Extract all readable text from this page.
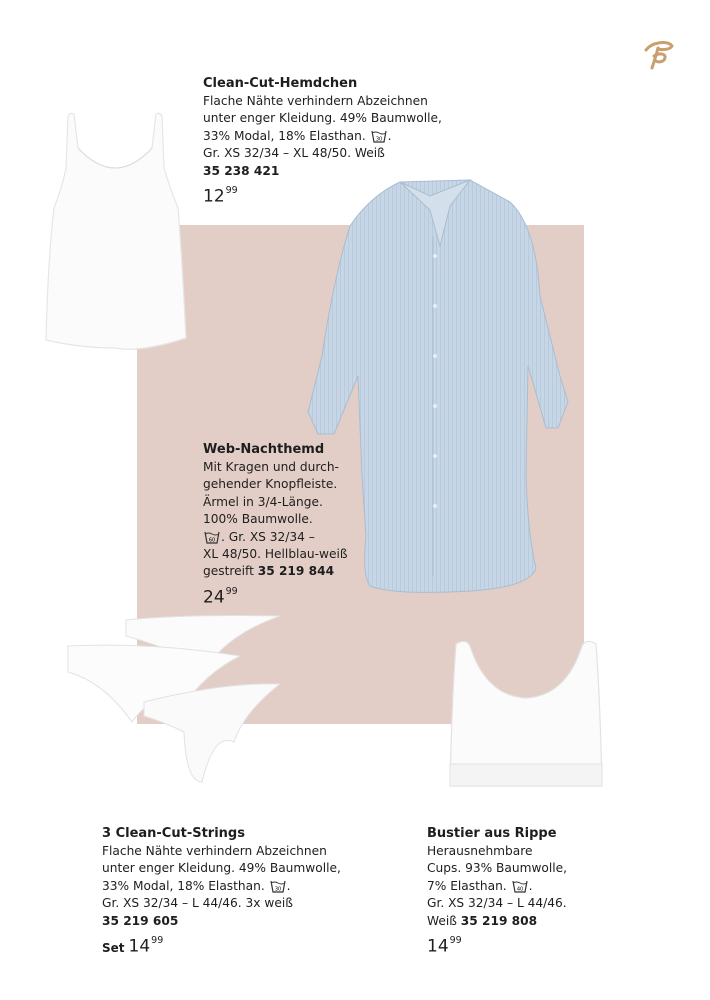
Clean-Cut-Hemdchen
Flache Nähte verhindern Abzeichnen
unter enger Kleidung. 49% Baumwolle,
33% Modal, 18% Elasthan. 30 .
Gr. XS 32/34 – XL 48/50. Weiß
35 238 421
$12^{99}$
Web-Nachthemd
Mit Kragen und durch-
gehender Knopfleiste.
Ärmel in 3/4-Länge.
100% Baumwolle.
60 . Gr. XS 32/34 –
XL 48/50. Hellblau-weiß
gestreift 35 219 844
$24^{99}$
3 Clean-Cut-Strings
Flache Nähte verhindern Abzeichnen
unter enger Kleidung. 49% Baumwolle,
33% Modal, 18% Elasthan. 30 .
Gr. XS 32/34 – L 44/46. 3x weiß
35 219 605
Set $14^{99}$
Bustier aus Rippe
Herausnehmbare
Cups. 93% Baumwolle,
7% Elasthan. 40 .
Gr. XS 32/34 – L 44/46.
Weiß 35 219 808
$14^{99}$
